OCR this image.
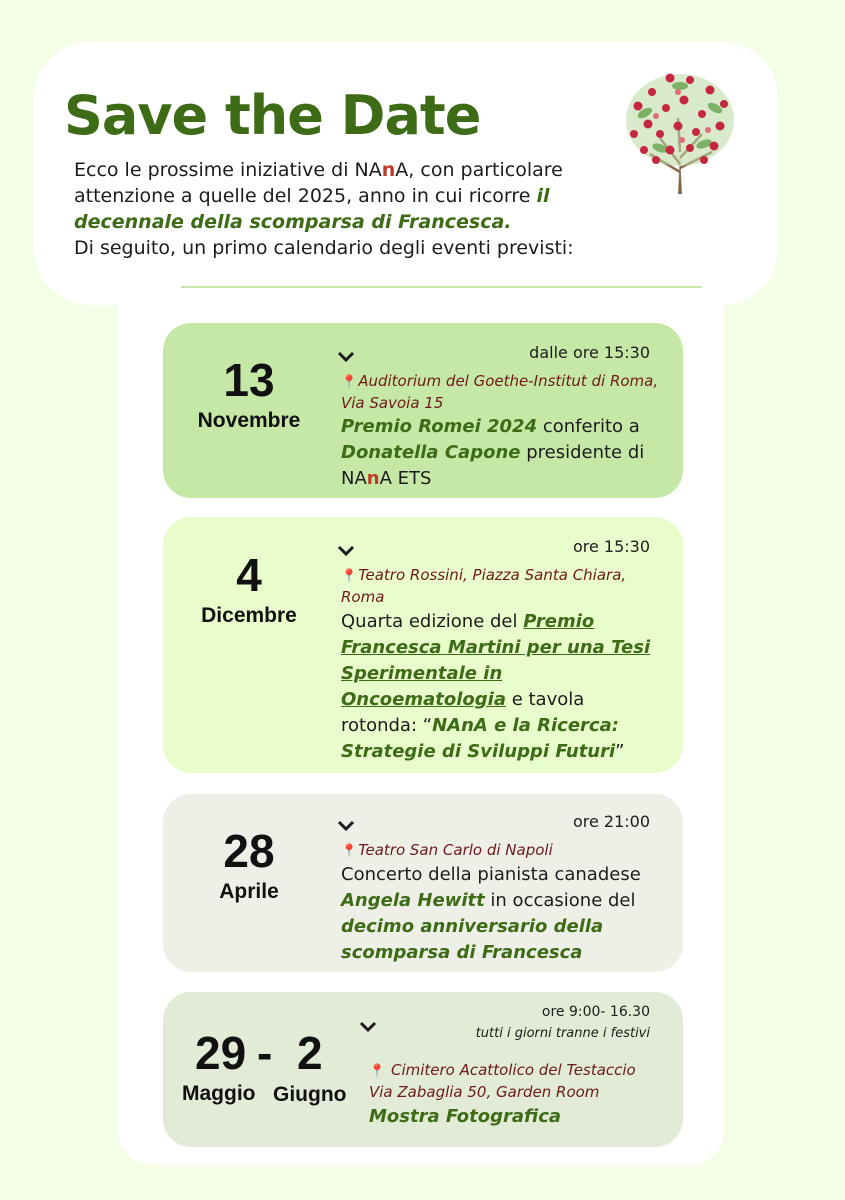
Save the Date
Ecco le prossime iniziative di NAnA, con particolare attenzione a quelle del 2025, anno in cui ricorre il decennale della scomparsa di Francesca.
Di seguito, un primo calendario degli eventi previsti:
13
Novembre
dalle ore 15:30
📍Auditorium del Goethe-Institut di Roma, Via Savoia 15
Premio Romei 2024 conferito a Donatella Capone presidente di NAnA ETS
4
Dicembre
ore 15:30
📍Teatro Rossini, Piazza Santa Chiara, Roma
Quarta edizione del Premio Francesca Martini per una Tesi Sperimentale in Oncoematologia e tavola rotonda: “NAnA e la Ricerca: Strategie di Sviluppi Futuri”
28
Aprile
ore 21:00
📍Teatro San Carlo di Napoli
Concerto della pianista canadese Angela Hewitt in occasione del decimo anniversario della scomparsa di Francesca
29 - 2
Maggio Giugno
ore 9:00- 16.30
tutti i giorni tranne i festivi
📍 Cimitero Acattolico del Testaccio
Via Zabaglia 50, Garden Room
Mostra Fotografica
